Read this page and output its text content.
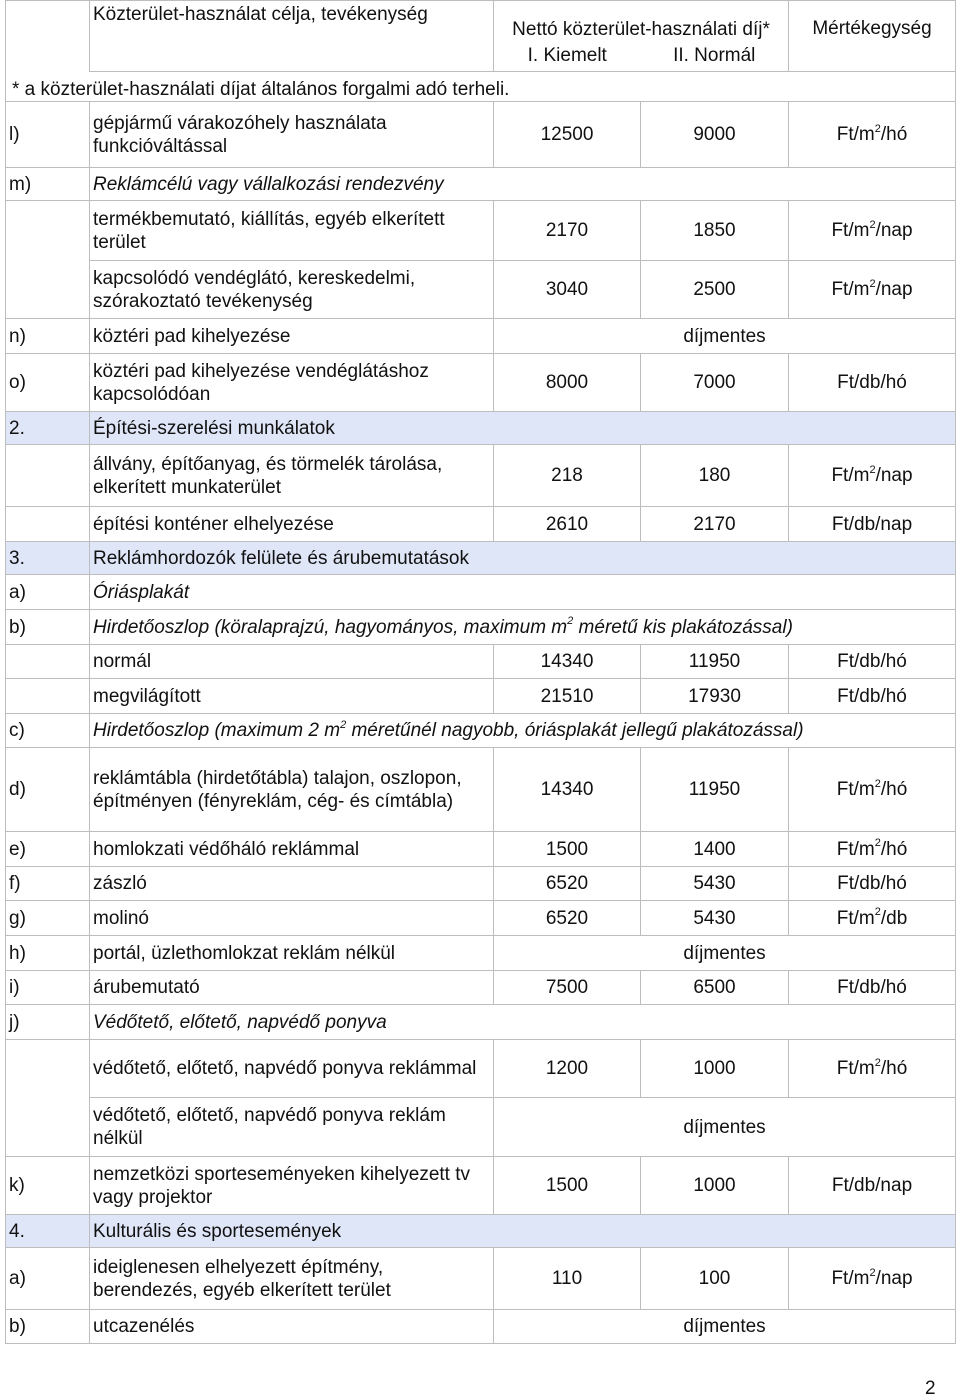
	Közterület-használat célja, tevékenység	Nettó közterület-használati díj*		Mértékegység
		I. Kiemelt	II. Normál	
* a közterület-használati díjat általános forgalmi adó terheli.				
l)	gépjármű várakozóhely használata funkcióváltással	12500	9000	$Ft/m^2/hó$
m)	Reklámcélú vagy vállalkozási rendezvény			
	termékbemutató, kiállítás, egyéb elkerített terület	2170	1850	$Ft/m^2$/nap
	kapcsolódó vendéglátó, kereskedelmi, szórakoztató tevékenység	3040	2500	$Ft/m^2$/nap
n)	köztéri pad kihelyezése	díjmentes		
o)	köztéri pad kihelyezése vendéglátáshoz kapcsolódóan	8000	7000	Ft/db/hó
2.	Építési-szerelési munkálatok			
	állvány, építőanyag, és törmelék tárolása, elkerített munkaterület	218	180	$Ft/m^2$/nap
	építési konténer elhelyezése	2610	2170	Ft/db/nap
3.	Reklámhordozók felülete és árubemutatások			
a)	Óriásplakát			
b)	Hirdetőoszlop (köralaprajzú, hagyományos, maximum $m^2$ méretű kis plakátozással)			
	normál	14340	11950	Ft/db/hó
	megvilágított	21510	17930	Ft/db/hó
c)	Hirdetőoszlop (maximum 2 $m^2$ méretűnél nagyobb, óriásplakát jellegű plakátozással)			
d)	reklámtábla (hirdetőtábla) talajon, oszlopon, építményen (fényreklám, cég- és címtábla)	14340	11950	$Ft/m^2/hó$
e)	homlokzati védőháló reklámmal	1500	1400	$Ft/m^2/hó$
f)	zászló	6520	5430	Ft/db/hó
g)	molinó	6520	5430	$Ft/m^2/db$
h)	portál, üzlethomlokzat reklám nélkül	díjmentes		
i)	árubemutató	7500	6500	Ft/db/hó
j)	Védőtető, előtető, napvédő ponyva			
	védőtető, előtető, napvédő ponyva reklámmal	1200	1000	$Ft/m^2/hó$
	védőtető, előtető, napvédő ponyva reklám nélkül	díjmentes		
k)	nemzetközi sporteseményeken kihelyezett tv vagy projektor	1500	1000	Ft/db/nap
4.	Kulturális és sportesemények			
a)	ideiglenesen elhelyezett építmény, berendezés, egyéb elkerített terület	110	100	$Ft/m^2$/nap
b)	utcazenélés	díjmentes		
2
